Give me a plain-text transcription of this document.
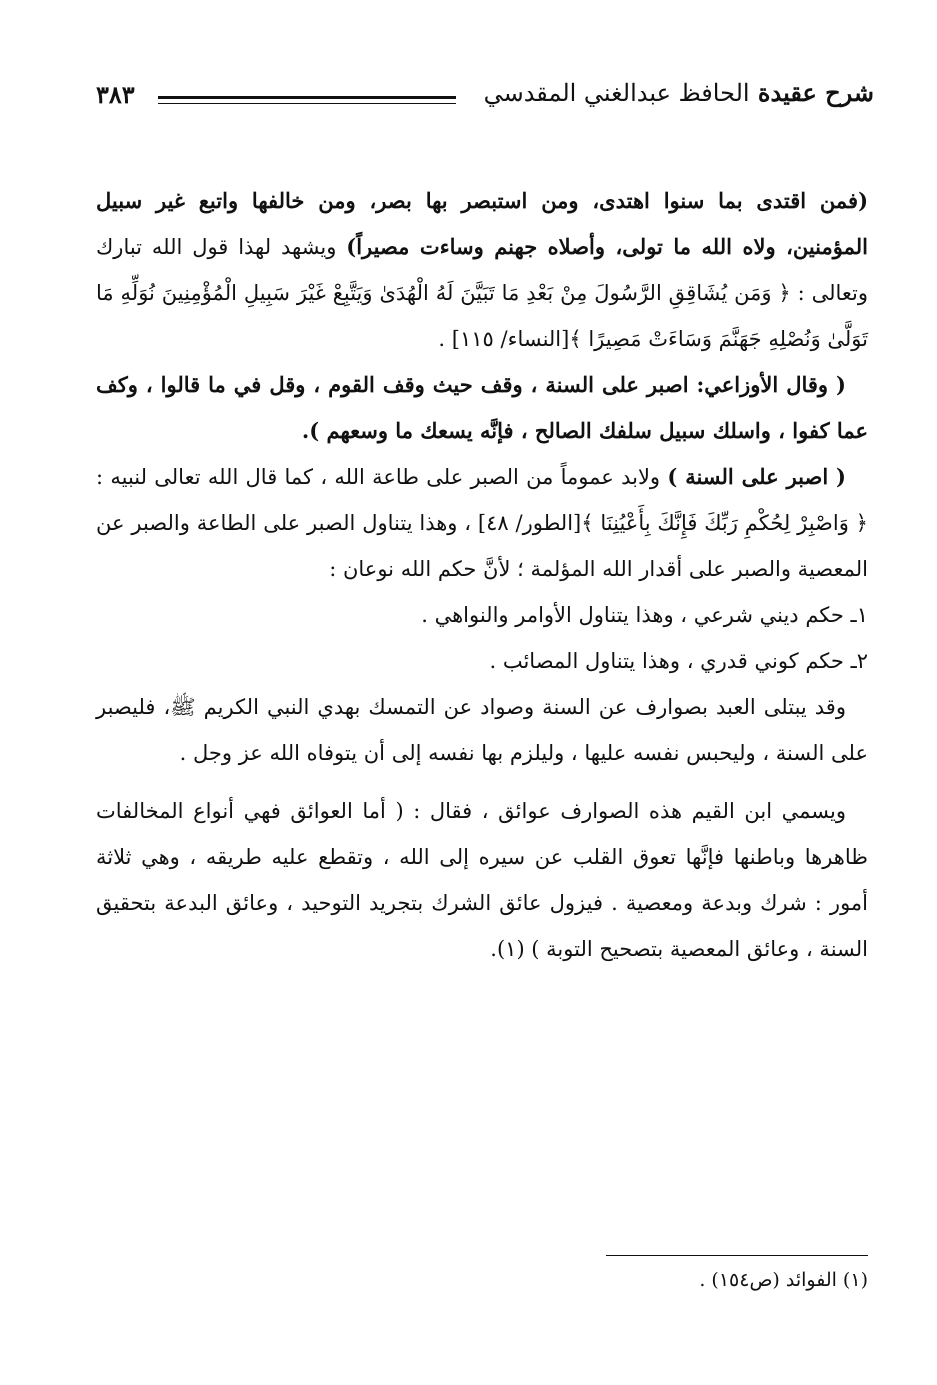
شرح عقيدة الحافظ عبدالغني المقدسي
٣٨٣

(فمن اقتدى بما سنوا اهتدى، ومن استبصر بها بصر، ومن خالفها واتبع غير سبيل المؤمنين، ولاه الله ما تولى، وأصلاه جهنم وساءت مصيراً) ويشهد لهذا قول الله تبارك وتعالى : ﴿ وَمَن يُشَاقِقِ الرَّسُولَ مِنْ بَعْدِ مَا تَبَيَّنَ لَهُ الْهُدَىٰ وَيَتَّبِعْ غَيْرَ سَبِيلِ الْمُؤْمِنِينَ نُوَلِّهِ مَا تَوَلَّىٰ وَنُصْلِهِ جَهَنَّمَ وَسَاءَتْ مَصِيرًا ﴾[النساء/ ١١٥] .

( وقال الأوزاعي: اصبر على السنة ، وقف حيث وقف القوم ، وقل في ما قالوا ، وكف عما كفوا ، واسلك سبيل سلفك الصالح ، فإنَّه يسعك ما وسعهم ).

( اصبر على السنة ) ولابد عموماً من الصبر على طاعة الله ، كما قال الله تعالى لنبيه : ﴿ وَاصْبِرْ لِحُكْمِ رَبِّكَ فَإِنَّكَ بِأَعْيُنِنَا ﴾[الطور/ ٤٨] ، وهذا يتناول الصبر على الطاعة والصبر عن المعصية والصبر على أقدار الله المؤلمة ؛ لأنَّ حكم الله نوعان :

١ـ حكم ديني شرعي ، وهذا يتناول الأوامر والنواهي .

٢ـ حكم كوني قدري ، وهذا يتناول المصائب .

وقد يبتلى العبد بصوارف عن السنة وصواد عن التمسك بهدي النبي الكريم ﷺ، فليصبر على السنة ، وليحبس نفسه عليها ، وليلزم بها نفسه إلى أن يتوفاه الله عز وجل .

ويسمي ابن القيم هذه الصوارف عوائق ، فقال : ( أما العوائق فهي أنواع المخالفات ظاهرها وباطنها فإنَّها تعوق القلب عن سيره إلى الله ، وتقطع عليه طريقه ، وهي ثلاثة أمور : شرك وبدعة ومعصية . فيزول عائق الشرك بتجريد التوحيد ، وعائق البدعة بتحقيق السنة ، وعائق المعصية بتصحيح التوبة ) (١).

(١) الفوائد (ص١٥٤) .
